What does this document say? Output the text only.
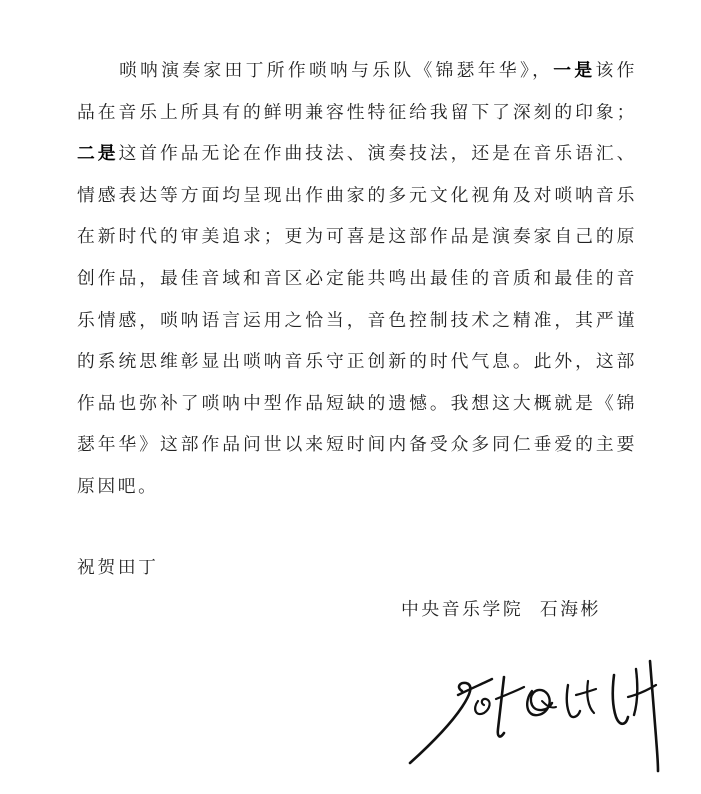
唢呐演奏家田丁所作唢呐与乐队《锦瑟年华》，一是该作品在音乐上所具有的鲜明兼容性特征给我留下了深刻的印象；二是这首作品无论在作曲技法、演奏技法，还是在音乐语汇、情感表达等方面均呈现出作曲家的多元文化视角及对唢呐音乐在新时代的审美追求；更为可喜是这部作品是演奏家自己的原创作品，最佳音域和音区必定能共鸣出最佳的音质和最佳的音乐情感，唢呐语言运用之恰当，音色控制技术之精准，其严谨的系统思维彰显出唢呐音乐守正创新的时代气息。此外，这部作品也弥补了唢呐中型作品短缺的遗憾。我想这大概就是《锦瑟年华》这部作品问世以来短时间内备受众多同仁垂爱的主要原因吧。

祝贺田丁
中央音乐学院 石海彬
